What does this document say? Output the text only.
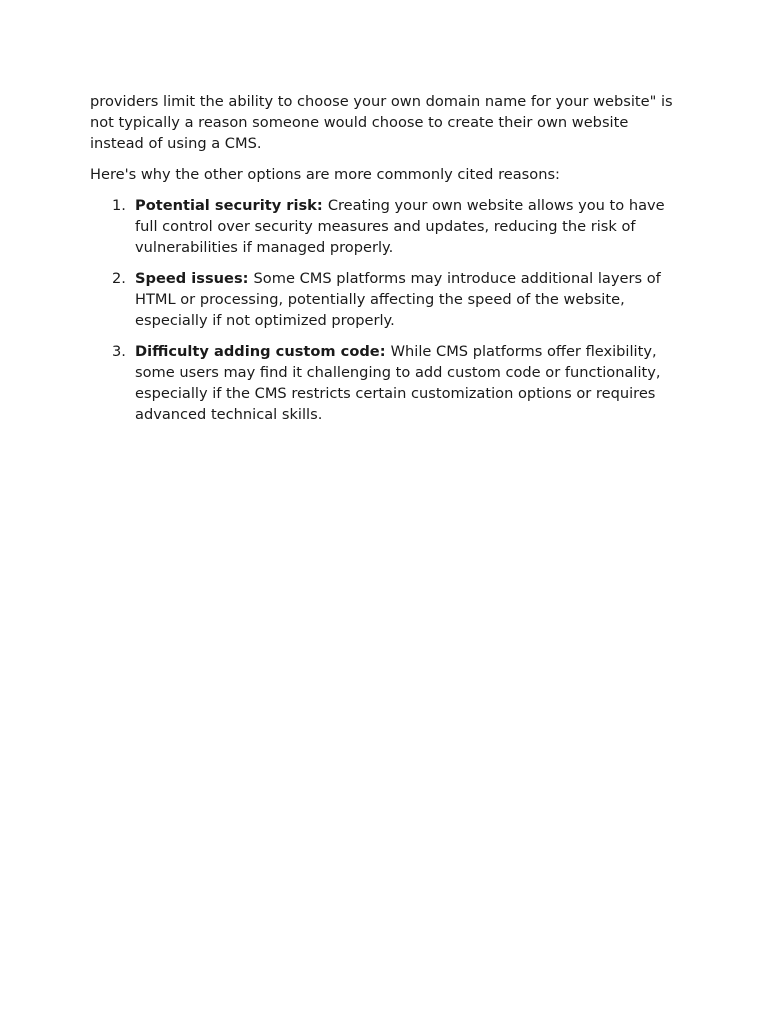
providers limit the ability to choose your own domain name for your website" is not typically a reason someone would choose to create their own website instead of using a CMS.

Here's why the other options are more commonly cited reasons:

1. Potential security risk: Creating your own website allows you to have full control over security measures and updates, reducing the risk of vulnerabilities if managed properly.
2. Speed issues: Some CMS platforms may introduce additional layers of HTML or processing, potentially affecting the speed of the website, especially if not optimized properly.
3. Difficulty adding custom code: While CMS platforms offer flexibility, some users may find it challenging to add custom code or functionality, especially if the CMS restricts certain customization options or requires advanced technical skills.
